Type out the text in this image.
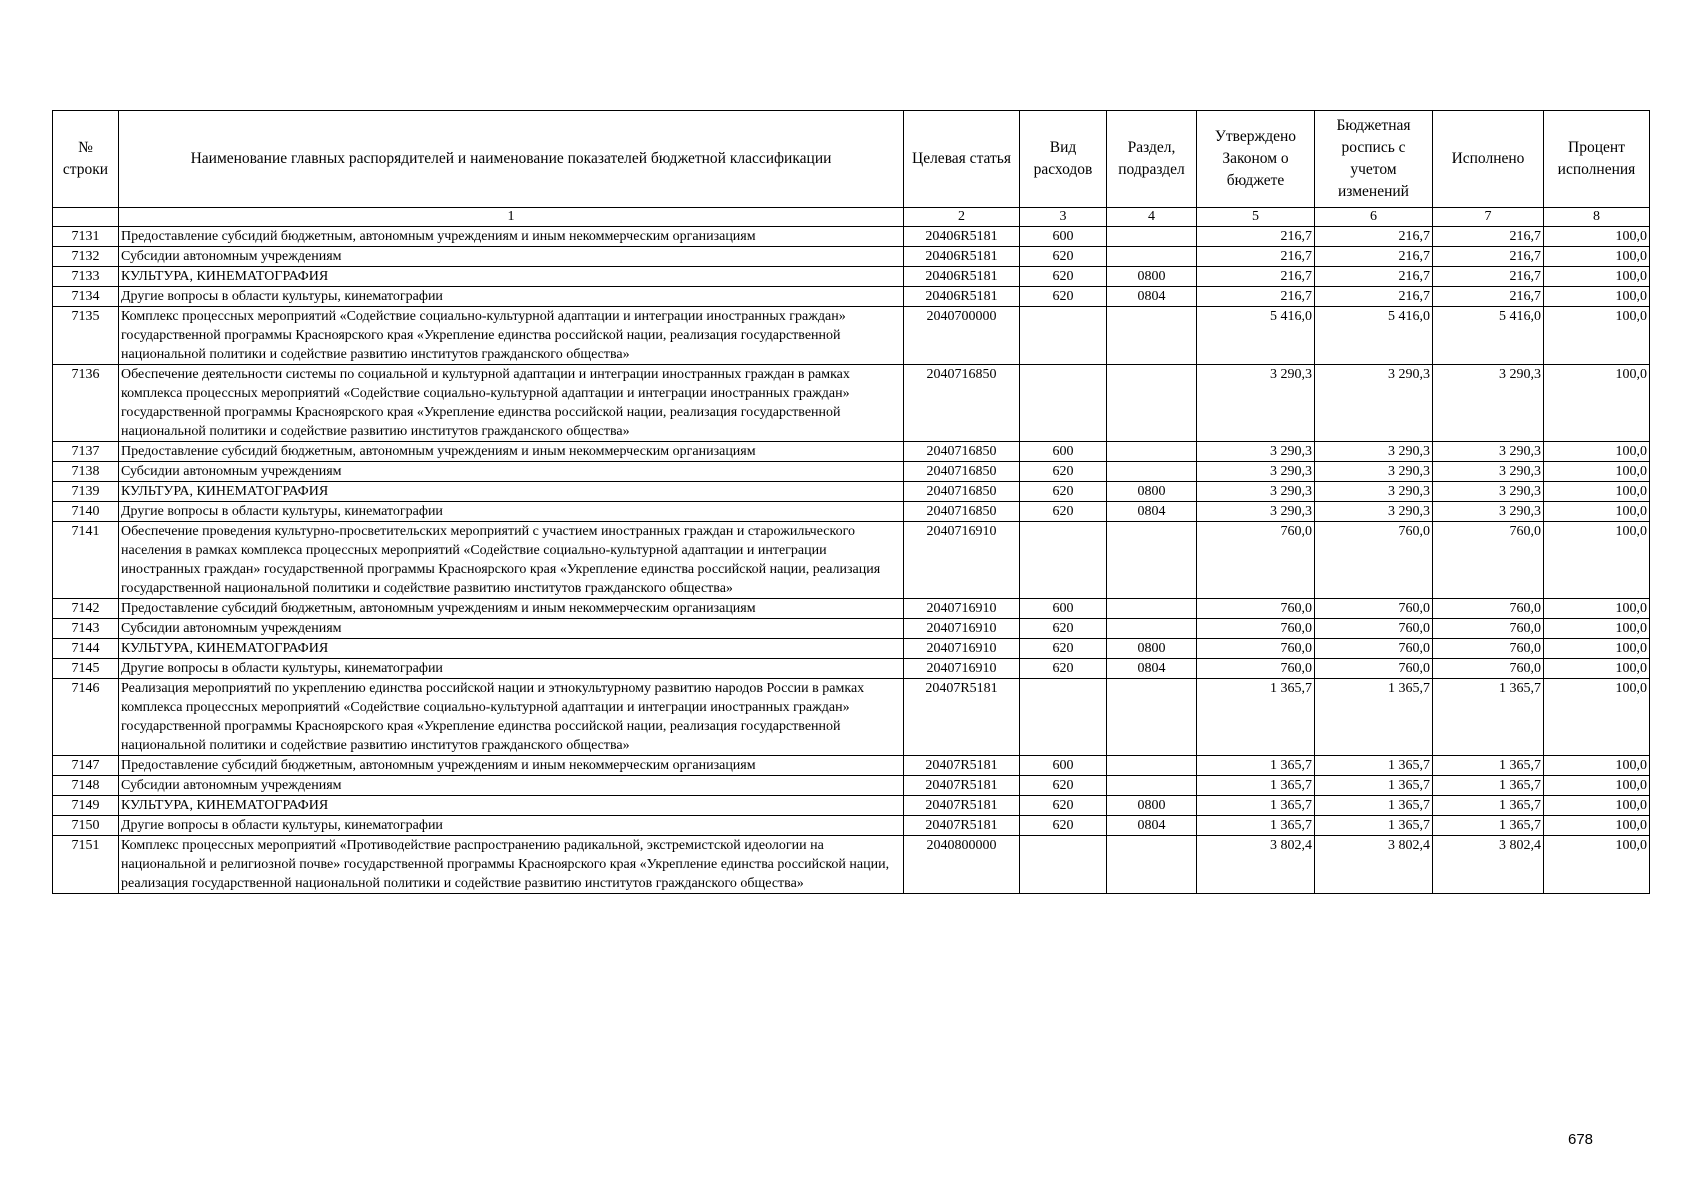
№ строки	Наименование главных распорядителей и наименование показателей бюджетной классификации	Целевая статья	Вид расходов	Раздел, подраздел	Утверждено Законом о бюджете	Бюджетная роспись с учетом изменений	Исполнено	Процент исполнения
	1	2	3	4	5	6	7	8
7131	Предоставление субсидий бюджетным, автономным учреждениям и иным некоммерческим организациям	20406R5181	600		216,7	216,7	216,7	100,0
7132	Субсидии автономным учреждениям	20406R5181	620		216,7	216,7	216,7	100,0
7133	КУЛЬТУРА, КИНЕМАТОГРАФИЯ	20406R5181	620	0800	216,7	216,7	216,7	100,0
7134	Другие вопросы в области культуры, кинематографии	20406R5181	620	0804	216,7	216,7	216,7	100,0
7135	Комплекс процессных мероприятий «Содействие социально-культурной адаптации и интеграции иностранных граждан» государственной программы Красноярского края «Укрепление единства российской нации, реализация государственной национальной политики и содействие развитию институтов гражданского общества»	2040700000			5 416,0	5 416,0	5 416,0	100,0
7136	Обеспечение деятельности системы по социальной и культурной адаптации и интеграции иностранных граждан в рамках комплекса процессных мероприятий «Содействие социально-культурной адаптации и интеграции иностранных граждан» государственной программы Красноярского края «Укрепление единства российской нации, реализация государственной национальной политики и содействие развитию институтов гражданского общества»	2040716850			3 290,3	3 290,3	3 290,3	100,0
7137	Предоставление субсидий бюджетным, автономным учреждениям и иным некоммерческим организациям	2040716850	600		3 290,3	3 290,3	3 290,3	100,0
7138	Субсидии автономным учреждениям	2040716850	620		3 290,3	3 290,3	3 290,3	100,0
7139	КУЛЬТУРА, КИНЕМАТОГРАФИЯ	2040716850	620	0800	3 290,3	3 290,3	3 290,3	100,0
7140	Другие вопросы в области культуры, кинематографии	2040716850	620	0804	3 290,3	3 290,3	3 290,3	100,0
7141	Обеспечение проведения культурно-просветительских мероприятий с участием иностранных граждан и старожильческого населения в рамках комплекса процессных мероприятий «Содействие социально-культурной адаптации и интеграции иностранных граждан» государственной программы Красноярского края «Укрепление единства российской нации, реализация государственной национальной политики и содействие развитию институтов гражданского общества»	2040716910			760,0	760,0	760,0	100,0
7142	Предоставление субсидий бюджетным, автономным учреждениям и иным некоммерческим организациям	2040716910	600		760,0	760,0	760,0	100,0
7143	Субсидии автономным учреждениям	2040716910	620		760,0	760,0	760,0	100,0
7144	КУЛЬТУРА, КИНЕМАТОГРАФИЯ	2040716910	620	0800	760,0	760,0	760,0	100,0
7145	Другие вопросы в области культуры, кинематографии	2040716910	620	0804	760,0	760,0	760,0	100,0
7146	Реализация мероприятий по укреплению единства российской нации и этнокультурному развитию народов России в рамках комплекса процессных мероприятий «Содействие социально-культурной адаптации и интеграции иностранных граждан» государственной программы Красноярского края «Укрепление единства российской нации, реализация государственной национальной политики и содействие развитию институтов гражданского общества»	20407R5181			1 365,7	1 365,7	1 365,7	100,0
7147	Предоставление субсидий бюджетным, автономным учреждениям и иным некоммерческим организациям	20407R5181	600		1 365,7	1 365,7	1 365,7	100,0
7148	Субсидии автономным учреждениям	20407R5181	620		1 365,7	1 365,7	1 365,7	100,0
7149	КУЛЬТУРА, КИНЕМАТОГРАФИЯ	20407R5181	620	0800	1 365,7	1 365,7	1 365,7	100,0
7150	Другие вопросы в области культуры, кинематографии	20407R5181	620	0804	1 365,7	1 365,7	1 365,7	100,0
7151	Комплекс процессных мероприятий «Противодействие распространению радикальной, экстремистской идеологии на национальной и религиозной почве» государственной программы Красноярского края «Укрепление единства российской нации, реализация государственной национальной политики и содействие развитию институтов гражданского общества»	2040800000			3 802,4	3 802,4	3 802,4	100,0
678
